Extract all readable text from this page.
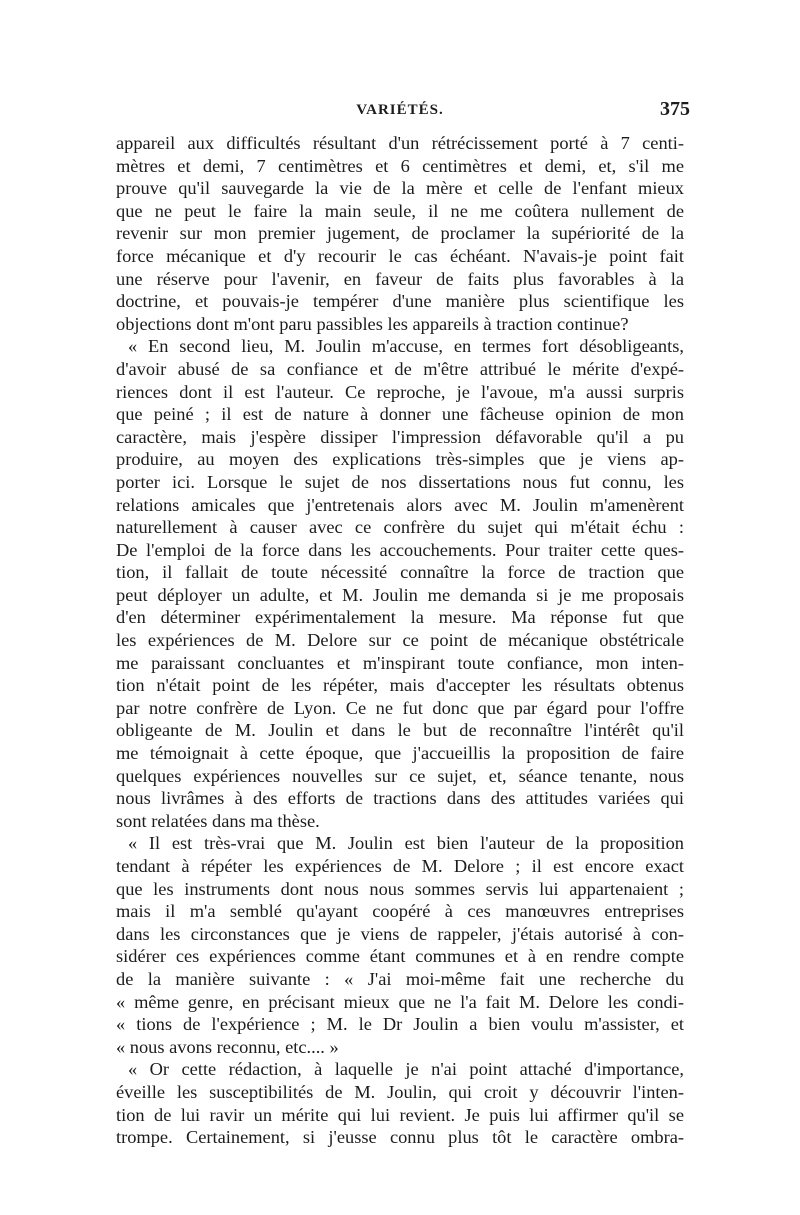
VARIÉTÉS.	375
appareil aux difficultés résultant d'un rétrécissement porté à 7 centi-
mètres et demi, 7 centimètres et 6 centimètres et demi, et, s'il me
prouve qu'il sauvegarde la vie de la mère et celle de l'enfant mieux
que ne peut le faire la main seule, il ne me coûtera nullement de
revenir sur mon premier jugement, de proclamer la supériorité de la
force mécanique et d'y recourir le cas échéant. N'avais-je point fait
une réserve pour l'avenir, en faveur de faits plus favorables à la
doctrine, et pouvais-je tempérer d'une manière plus scientifique les
objections dont m'ont paru passibles les appareils à traction continue?
« En second lieu, M. Joulin m'accuse, en termes fort désobligeants,
d'avoir abusé de sa confiance et de m'être attribué le mérite d'expé-
riences dont il est l'auteur. Ce reproche, je l'avoue, m'a aussi surpris
que peiné ; il est de nature à donner une fâcheuse opinion de mon
caractère, mais j'espère dissiper l'impression défavorable qu'il a pu
produire, au moyen des explications très-simples que je viens ap-
porter ici. Lorsque le sujet de nos dissertations nous fut connu, les
relations amicales que j'entretenais alors avec M. Joulin m'amenèrent
naturellement à causer avec ce confrère du sujet qui m'était échu :
De l'emploi de la force dans les accouchements. Pour traiter cette ques-
tion, il fallait de toute nécessité connaître la force de traction que
peut déployer un adulte, et M. Joulin me demanda si je me proposais
d'en déterminer expérimentalement la mesure. Ma réponse fut que
les expériences de M. Delore sur ce point de mécanique obstétricale
me paraissant concluantes et m'inspirant toute confiance, mon inten-
tion n'était point de les répéter, mais d'accepter les résultats obtenus
par notre confrère de Lyon. Ce ne fut donc que par égard pour l'offre
obligeante de M. Joulin et dans le but de reconnaître l'intérêt qu'il
me témoignait à cette époque, que j'accueillis la proposition de faire
quelques expériences nouvelles sur ce sujet, et, séance tenante, nous
nous livrâmes à des efforts de tractions dans des attitudes variées qui
sont relatées dans ma thèse.
« Il est très-vrai que M. Joulin est bien l'auteur de la proposition
tendant à répéter les expériences de M. Delore ; il est encore exact
que les instruments dont nous nous sommes servis lui appartenaient ;
mais il m'a semblé qu'ayant coopéré à ces manœuvres entreprises
dans les circonstances que je viens de rappeler, j'étais autorisé à con-
sidérer ces expériences comme étant communes et à en rendre compte
de la manière suivante : « J'ai moi-même fait une recherche du
« même genre, en précisant mieux que ne l'a fait M. Delore les condi-
« tions de l'expérience ; M. le Dr Joulin a bien voulu m'assister, et
« nous avons reconnu, etc.... »
« Or cette rédaction, à laquelle je n'ai point attaché d'importance,
éveille les susceptibilités de M. Joulin, qui croit y découvrir l'inten-
tion de lui ravir un mérite qui lui revient. Je puis lui affirmer qu'il se
trompe. Certainement, si j'eusse connu plus tôt le caractère ombra-
